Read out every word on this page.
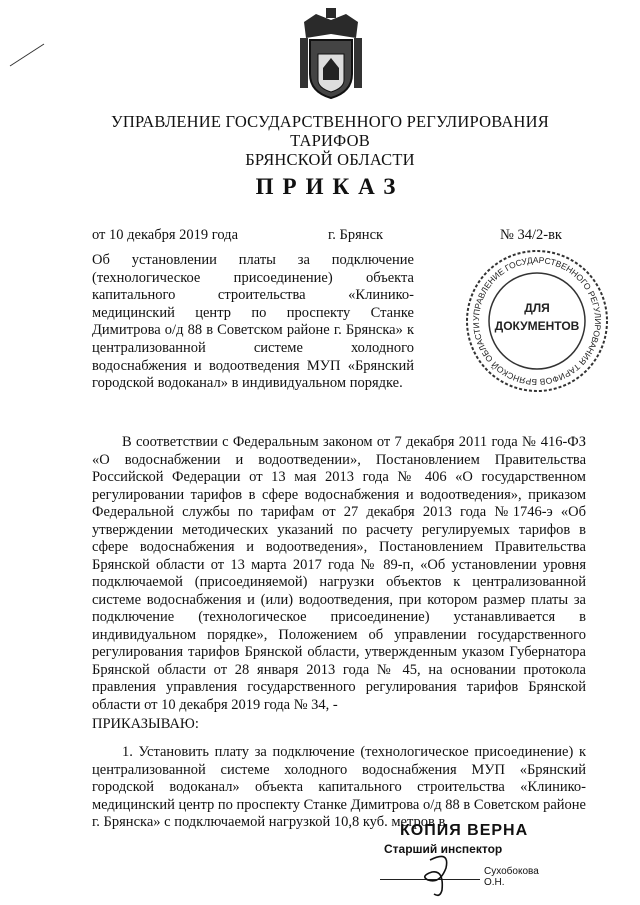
УПРАВЛЕНИЕ ГОСУДАРСТВЕННОГО РЕГУЛИРОВАНИЯ ТАРИФОВ
БРЯНСКОЙ ОБЛАСТИ
ПРИКАЗ
от 10 декабря 2019 года	г. Брянск	№ 34/2-вк
Об установлении платы за подключение (технологическое присоединение) объекта капитального строительства «Клинико-медицинский центр по проспекту Станке Димитрова о/д 88 в Советском районе г. Брянска» к централизованной системе холодного водоснабжения и водоотведения МУП «Брянский городской водоканал» в индивидуальном порядке.
УПРАВЛЕНИЕ ГОСУДАРСТВЕННОГО РЕГУЛИРОВАНИЯ ТАРИФОВ БРЯНСКОЙ ОБЛАСТИ
ДЛЯ
ДОКУМЕНТОВ
В соответствии с Федеральным законом от 7 декабря 2011 года № 416-ФЗ «О водоснабжении и водоотведении», Постановлением Правительства Российской Федерации от 13 мая 2013 года № 406 «О государственном регулировании тарифов в сфере водоснабжения и водоотведения», приказом Федеральной службы по тарифам от 27 декабря 2013 года №1746-э «Об утверждении методических указаний по расчету регулируемых тарифов в сфере водоснабжения и водоотведения», Постановлением Правительства Брянской области от 13 марта 2017 года № 89-п, «Об установлении уровня подключаемой (присоединяемой) нагрузки объектов к централизованной системе водоснабжения и (или) водоотведения, при котором размер платы за подключение (технологическое присоединение) устанавливается в индивидуальном порядке», Положением об управлении государственного регулирования тарифов Брянской области, утвержденным указом Губернатора Брянской области от 28 января 2013 года № 45, на основании протокола правления управления государственного регулирования тарифов Брянской области от 10 декабря 2019 года № 34, -
ПРИКАЗЫВАЮ:
1. Установить плату за подключение (технологическое присоединение) к централизованной системе холодного водоснабжения МУП «Брянский городской водоканал» объекта капитального строительства «Клинико-медицинский центр по проспекту Станке Димитрова о/д 88 в Советском районе г. Брянска» с подключаемой нагрузкой 10,8 куб. метров в
КОПИЯ ВЕРНА
Старший инспектор
Сухобокова О.Н.
